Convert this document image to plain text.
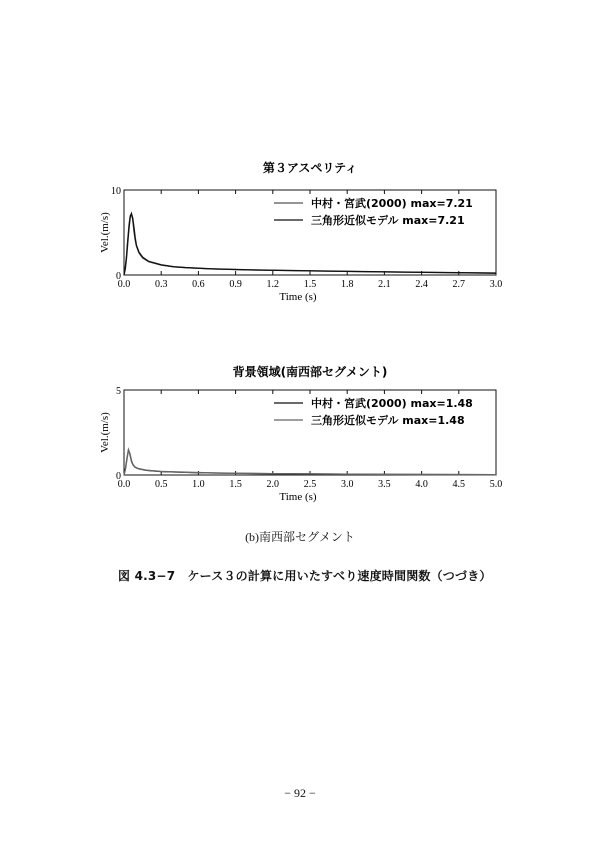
第３アスペリティ
0.0 0.3 0.6 0.9 1.2 1.5 1.8 2.1 2.4 2.7 3.0
0
10
Time (s)
Vel.(m/s)
中村・宮武(2000) max=7.21
三角形近似モデル max=7.21
背景領域(南西部セグメント)
0.0 0.5 1.0 1.5 2.0 2.5 3.0 3.5 4.0 4.5 5.0
0
5
Time (s)
Vel.(m/s)
中村・宮武(2000) max=1.48
三角形近似モデル max=1.48
(b)南西部セグメント
図 4.3−7　ケース３の計算に用いたすべり速度時間関数（つづき）
− 92 −
